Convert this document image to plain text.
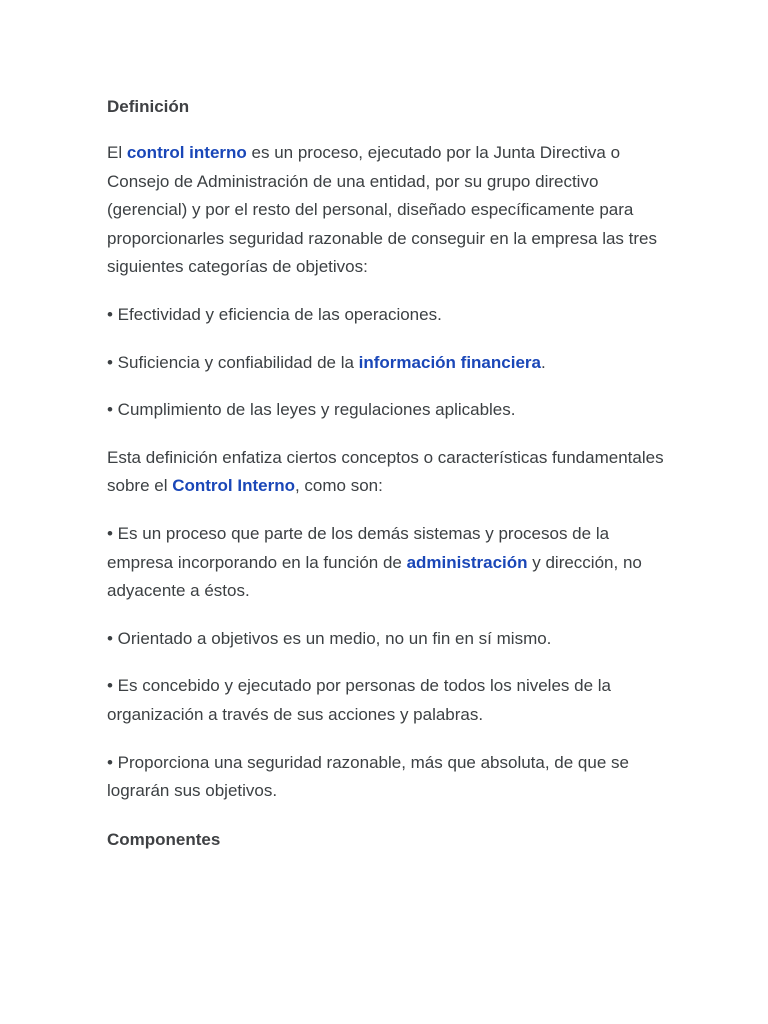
Definición

El control interno es un proceso, ejecutado por la Junta Directiva o Consejo de Administración de una entidad, por su grupo directivo (gerencial) y por el resto del personal, diseñado específicamente para proporcionarles seguridad razonable de conseguir en la empresa las tres siguientes categorías de objetivos:

• Efectividad y eficiencia de las operaciones.

• Suficiencia y confiabilidad de la información financiera.

• Cumplimiento de las leyes y regulaciones aplicables.

Esta definición enfatiza ciertos conceptos o características fundamentales sobre el Control Interno, como son:

• Es un proceso que parte de los demás sistemas y procesos de la empresa incorporando en la función de administración y dirección, no adyacente a éstos.

• Orientado a objetivos es un medio, no un fin en sí mismo.

• Es concebido y ejecutado por personas de todos los niveles de la organización a través de sus acciones y palabras.

• Proporciona una seguridad razonable, más que absoluta, de que se lograrán sus objetivos.

Componentes
